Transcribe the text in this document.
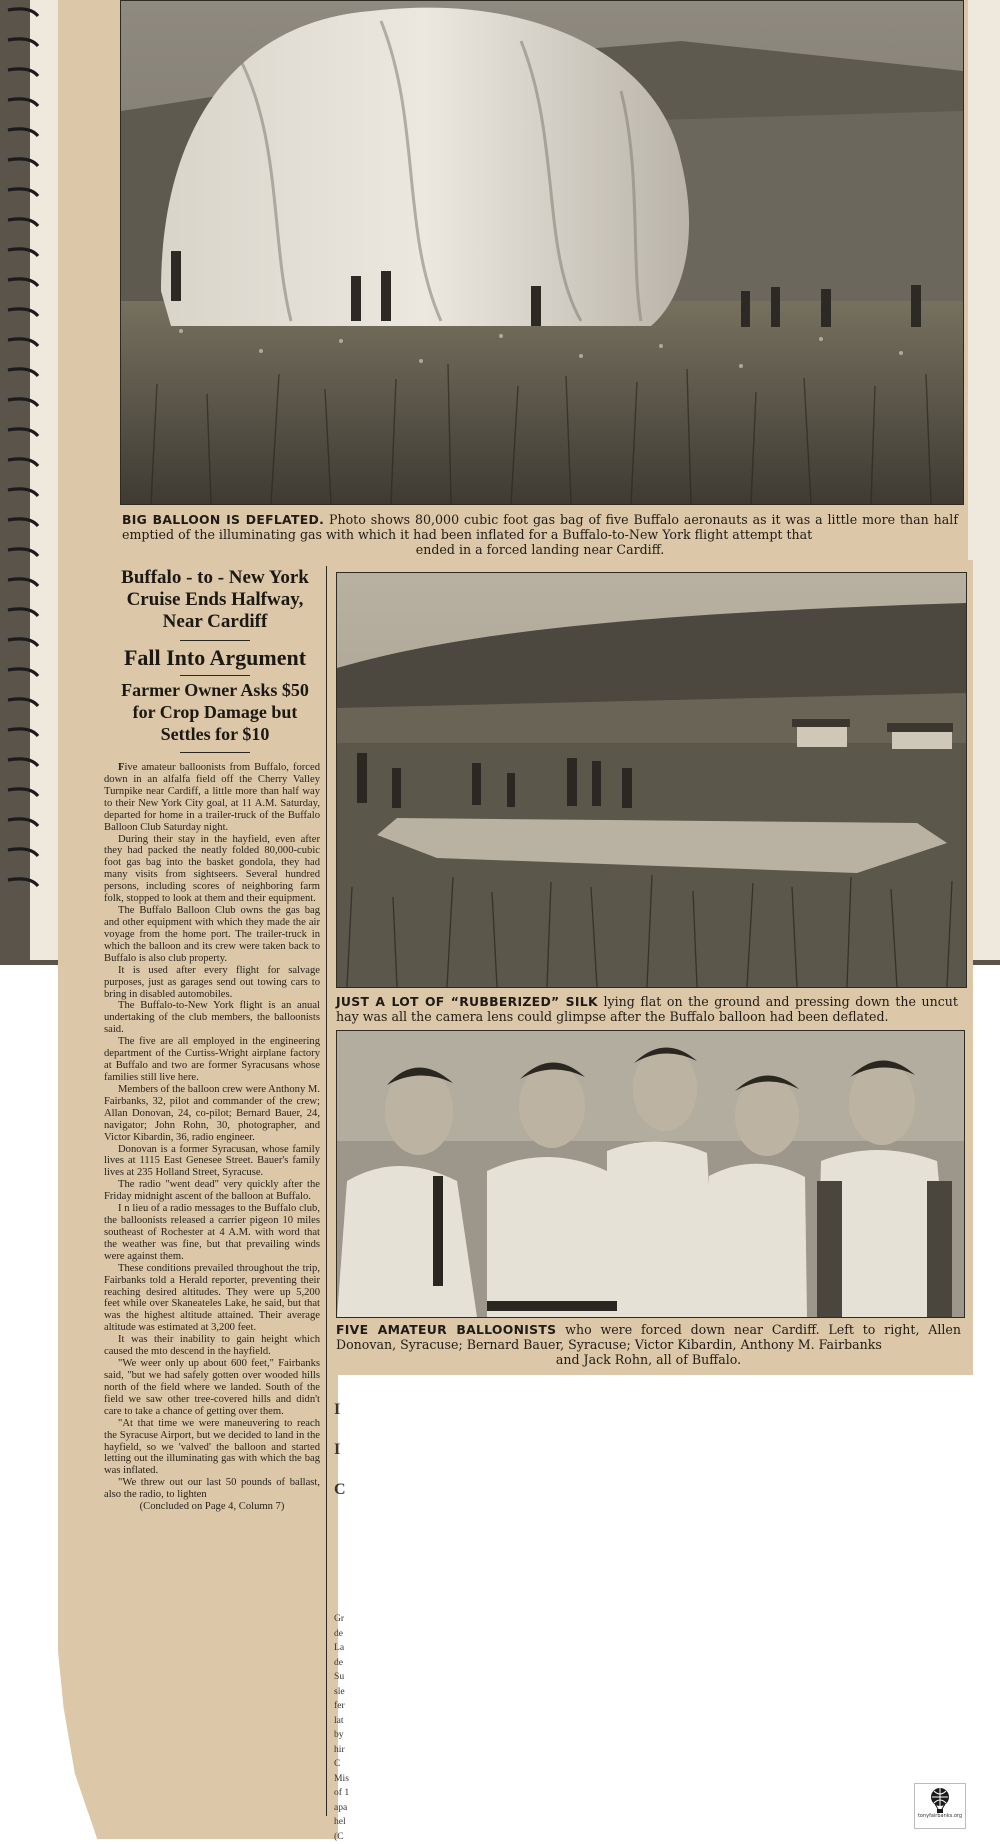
BIG BALLOON IS DEFLATED. Photo shows 80,000 cubic foot gas bag of five Buffalo aeronauts as it was a little more than half emptied of the illuminating gas with which it had been inflated for a Buffalo-to-New York flight attempt that
ended in a forced landing near Cardiff.
Buffalo - to - New York
Cruise Ends Halfway,
Near Cardiff
Fall Into Argument
Farmer Owner Asks $50
for Crop Damage but
Settles for $10

Five amateur balloonists from Buffalo, forced down in an alfalfa field off the Cherry Valley Turnpike near Cardiff, a little more than half way to their New York City goal, at 11 A.M. Saturday, departed for home in a trailer-truck of the Buffalo Balloon Club Saturday night.

During their stay in the hayfield, even after they had packed the neatly folded 80,000-cubic foot gas bag into the basket gondola, they had many visits from sightseers. Several hundred persons, including scores of neighboring farm folk, stopped to look at them and their equipment.

The Buffalo Balloon Club owns the gas bag and other equipment with which they made the air voyage from the home port. The trailer-truck in which the balloon and its crew were taken back to Buffalo is also club property.

It is used after every flight for salvage purposes, just as garages send out towing cars to bring in disabled automobiles.

The Buffalo-to-New York flight is an anual undertaking of the club members, the balloonists said.

The five are all employed in the engineering department of the Curtiss-Wright airplane factory at Buffalo and two are former Syracusans whose families still live here.

Members of the balloon crew were Anthony M. Fairbanks, 32, pilot and commander of the crew; Allan Donovan, 24, co-pilot; Bernard Bauer, 24, navigator; John Rohn, 30, photographer, and Victor Kibardin, 36, radio engineer.

Donovan is a former Syracusan, whose family lives at 1115 East Genesee Street. Bauer's family lives at 235 Holland Street, Syracuse.

The radio "went dead" very quickly after the Friday midnight ascent of the balloon at Buffalo.

I n lieu of a radio messages to the Buffalo club, the balloonists released a carrier pigeon 10 miles southeast of Rochester at 4 A.M. with word that the weather was fine, but that prevailing winds were against them.

These conditions prevailed throughout the trip, Fairbanks told a Herald reporter, preventing their reaching desired altitudes. They were up 5,200 feet while over Skaneateles Lake, he said, but that was the highest altitude attained. Their average altitude was estimated at 3,200 feet.

It was their inability to gain height which caused the mto descend in the hayfield.

"We weer only up about 600 feet," Fairbanks said, "but we had safely gotten over wooded hills north of the field where we landed. South of the field we saw other tree-covered hills and didn't care to take a chance of getting over them.

"At that time we were maneuvering to reach the Syracuse Airport, but we decided to land in the hayfield, so we 'valved' the balloon and started letting out the illuminating gas with which the bag was inflated.

"We threw out our last 50 pounds of ballast, also the radio, to lighten

(Concluded on Page 4, Column 7)

Gr
de
La
de
Su
sle
fer
lat
by
hir
C
Mis
of 1
apa
hel
(C
I
I
C
JUST A LOT OF “RUBBERIZED” SILK lying flat on the ground and pressing down the uncut hay was all the camera lens could glimpse after the Buffalo balloon had been deflated.
FIVE AMATEUR BALLOONISTS who were forced down near Cardiff. Left to right, Allen Donovan, Syracuse; Bernard Bauer, Syracuse; Victor Kibardin, Anthony M. Fairbanks
and Jack Rohn, all of Buffalo.
tonyfairbanks.org
